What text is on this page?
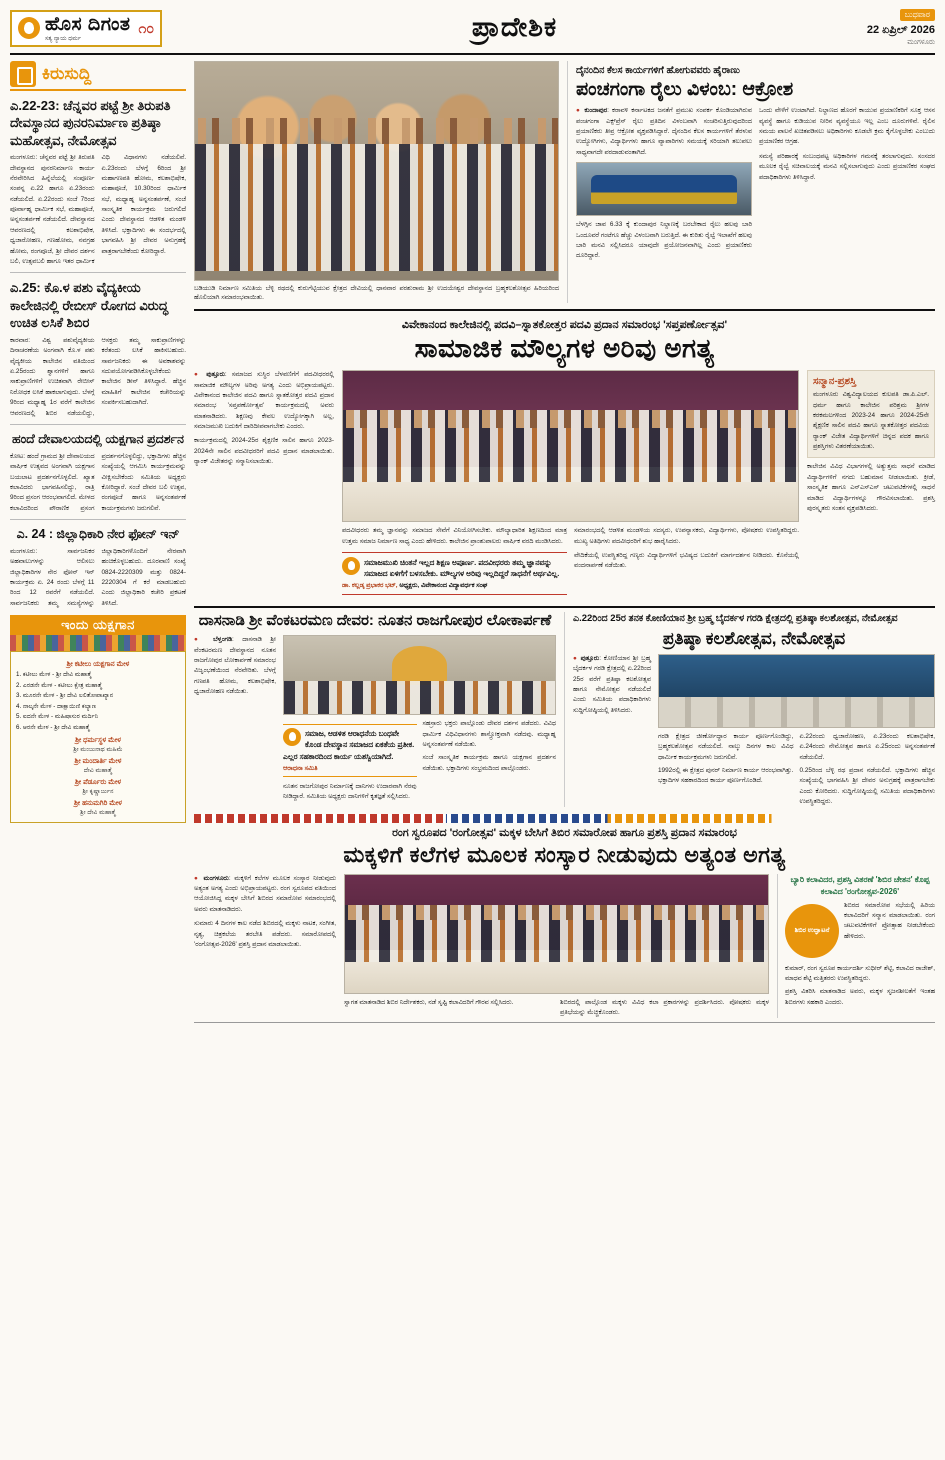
ಹೊಸ ದಿಗಂತ
ಸತ್ಯ ನ್ಯಾಯ ಧರ್ಮ
೧೦	ಪ್ರಾದೇಶಿಕ	ಬುಧವಾರ
22 ಏಪ್ರಿಲ್ 2026
ಮಂಗಳೂರು
ಕಿರುಸುದ್ದಿ
ಎ.22-23: ಚೆನ್ನವರ ಪಟ್ಟೆ ಶ್ರೀ ತಿರುಪತಿ ದೇವಸ್ಥಾನದ ಪುನರನಿರ್ಮಾಣ ಪ್ರತಿಷ್ಠಾ ಮಹೋತ್ಸವ, ನೇಮೋತ್ಸವ
ಮಂಗಳೂರು: ಚೆನ್ನವರ ಪಟ್ಟೆ ಶ್ರೀ ತಿರುಪತಿ ದೇವಸ್ಥಾನದ ಪುನರನಿರ್ಮಾಣ ಕಾರ್ಯ ನೆರವೇರಿಸಿದ ಹಿನ್ನೆಲೆಯಲ್ಲಿ ಸಂಪೂರ್ಣ ಸಂಪನ್ನ ಏ.22 ಹಾಗೂ ಏ.23ರಂದು ನಡೆಯಲಿದೆ. ಏ.22ರಂದು ಸಂಜೆ 7ರಿಂದ ಪೂರ್ವಾಹ್ನ ಧಾರ್ಮಿಕ ಸಭೆ, ಮಹಾಪೂಜೆ, ಅನ್ನಸಂತರ್ಪಣೆ ನಡೆಯಲಿದೆ. ದೇವಸ್ಥಾನದ ಆವರಣದಲ್ಲಿ ಕಲಶಾಭಿಷೇಕ, ಧ್ವಜಾರೋಹಣ, ಗಣಹೋಮ, ನವಗ್ರಹ ಹೋಮ, ರಂಗಪೂಜೆ, ಶ್ರೀ ದೇವರ ದರ್ಶನ ಬಲಿ, ಉತ್ಸವಬಲಿ ಹಾಗೂ ಇತರ ಧಾರ್ಮಿಕ ವಿಧಿ ವಿಧಾನಗಳು ನಡೆಯಲಿವೆ. ಏ.23ರಂದು ಬೆಳಗ್ಗೆ 6ರಿಂದ ಶ್ರೀ ಮಹಾಗಣಪತಿ ಹೋಮ, ಕಲಶಾಭಿಷೇಕ, ಮಹಾಪೂಜೆ, 10.30ರಿಂದ ಧಾರ್ಮಿಕ ಸಭೆ, ಮಧ್ಯಾಹ್ನ ಅನ್ನಸಂತರ್ಪಣೆ, ಸಂಜೆ ಸಾಂಸ್ಕೃತಿಕ ಕಾರ್ಯಕ್ರಮ ಜರುಗಲಿದೆ ಎಂದು ದೇವಸ್ಥಾನದ ಆಡಳಿತ ಮಂಡಳಿ ತಿಳಿಸಿದೆ. ಭಕ್ತಾದಿಗಳು ಈ ಸಂದರ್ಭದಲ್ಲಿ ಭಾಗವಹಿಸಿ ಶ್ರೀ ದೇವರ ಅನುಗ್ರಹಕ್ಕೆ ಪಾತ್ರರಾಗಬೇಕೆಂದು ಕೋರಿದ್ದಾರೆ.
ಎ.25: ಕೊ.ಳ ಪಶು ವೈದ್ಯಕೀಯ ಕಾಲೇಜಿನಲ್ಲಿ ರೇಬೀಸ್ ರೋಗದ ವಿರುದ್ಧ ಉಚಿತ ಲಸಿಕೆ ಶಿಬಿರ
ಕಾರವಾರ: ವಿಶ್ವ ಪಶುವೈದ್ಯಕೀಯ ದಿನಾಚರಣೆಯ ಅಂಗವಾಗಿ ಕೊ.ಳ ಪಶು ವೈದ್ಯಕೀಯ ಕಾಲೇಜಿನ ವತಿಯಿಂದ ಏ.25ರಂದು ಶ್ವಾನಗಳಿಗೆ ಹಾಗೂ ಸಾಕುಪ್ರಾಣಿಗಳಿಗೆ ಉಚಿತವಾಗಿ ರೇಬೀಸ್ ನಿರೋಧಕ ಲಸಿಕೆ ಹಾಕಲಾಗುವುದು. ಬೆಳಗ್ಗೆ 9ರಿಂದ ಮಧ್ಯಾಹ್ನ 1ರ ವರೆಗೆ ಕಾಲೇಜಿನ ಆವರಣದಲ್ಲಿ ಶಿಬಿರ ನಡೆಯಲಿದ್ದು, ಆಸಕ್ತರು ತಮ್ಮ ಸಾಕುಪ್ರಾಣಿಗಳನ್ನು ಕರೆತಂದು ಲಸಿಕೆ ಹಾಕಿಸಬಹುದು. ಸಾರ್ವಜನಿಕರು ಈ ಅವಕಾಶವನ್ನು ಸದುಪಯೋಗಪಡಿಸಿಕೊಳ್ಳಬೇಕೆಂದು ಕಾಲೇಜಿನ ಡೀನ್ ತಿಳಿಸಿದ್ದಾರೆ. ಹೆಚ್ಚಿನ ಮಾಹಿತಿಗೆ ಕಾಲೇಜಿನ ಕಚೇರಿಯನ್ನು ಸಂಪರ್ಕಿಸಬಹುದಾಗಿದೆ.
ಹಂದೆ ದೇವಾಲಯದಲ್ಲಿ ಯಕ್ಷಗಾನ ಪ್ರದರ್ಶನ
ಕೋಟ: ಹಂದೆ ಗ್ರಾಮದ ಶ್ರೀ ದೇವಾಲಯದ ವಾರ್ಷಿಕ ಉತ್ಸವದ ಅಂಗವಾಗಿ ಯಕ್ಷಗಾನ ಬಯಲಾಟ ಪ್ರದರ್ಶನಗೊಳ್ಳಲಿದೆ. ಖ್ಯಾತ ಕಲಾವಿದರು ಭಾಗವಹಿಸಲಿದ್ದು, ರಾತ್ರಿ 9ರಿಂದ ಪ್ರಸಂಗ ಆರಂಭವಾಗಲಿದೆ. ಮೇಳದ ಕಲಾವಿದರಿಂದ ಪೌರಾಣಿಕ ಪ್ರಸಂಗ ಪ್ರದರ್ಶನಗೊಳ್ಳಲಿದ್ದು, ಭಕ್ತಾದಿಗಳು ಹೆಚ್ಚಿನ ಸಂಖ್ಯೆಯಲ್ಲಿ ಆಗಮಿಸಿ ಕಾರ್ಯಕ್ರಮವನ್ನು ವೀಕ್ಷಿಸಬೇಕೆಂದು ಸಮಿತಿಯ ಅಧ್ಯಕ್ಷರು ಕೋರಿದ್ದಾರೆ. ಸಂಜೆ ದೇವರ ಬಲಿ ಉತ್ಸವ, ರಂಗಪೂಜೆ ಹಾಗೂ ಅನ್ನಸಂತರ್ಪಣೆ ಕಾರ್ಯಕ್ರಮಗಳು ಜರುಗಲಿವೆ.
ಎ. 24 : ಜಿಲ್ಲಾಧಿಕಾರಿ ನೇರ ಫೋನ್ ಇನ್
ಮಂಗಳೂರು: ಸಾರ್ವಜನಿಕರ ಅಹವಾಲುಗಳನ್ನು ಆಲಿಸಲು ಜಿಲ್ಲಾಧಿಕಾರಿಗಳ ನೇರ ಫೋನ್ ಇನ್ ಕಾರ್ಯಕ್ರಮ ಏ. 24 ರಂದು ಬೆಳಗ್ಗೆ 11 ರಿಂದ 12 ರವರೆಗೆ ನಡೆಯಲಿದೆ. ಸಾರ್ವಜನಿಕರು ತಮ್ಮ ಸಮಸ್ಯೆಗಳನ್ನು ಜಿಲ್ಲಾಧಿಕಾರಿಗಳೊಂದಿಗೆ ನೇರವಾಗಿ ಹಂಚಿಕೊಳ್ಳಬಹುದು. ದೂರವಾಣಿ ಸಂಖ್ಯೆ 0824-2220309 ಮತ್ತು 0824-2220304 ಗೆ ಕರೆ ಮಾಡಬಹುದು ಎಂದು ಜಿಲ್ಲಾಧಿಕಾರಿ ಕಚೇರಿ ಪ್ರಕಟಣೆ ತಿಳಿಸಿದೆ.
ಇಂದು ಯಕ್ಷಗಾನ
ಶ್ರೀ ಕಟೀಲು ಯಕ್ಷಗಾನ ಮೇಳ
1. ಕಟೀಲು ಮೇಳ - ಶ್ರೀ ದೇವಿ ಮಹಾತ್ಮೆ
2. ಎರಡನೇ ಮೇಳ - ಕಟೀಲು ಕ್ಷೇತ್ರ ಮಹಾತ್ಮೆ
3. ಮೂರನೇ ಮೇಳ - ಶ್ರೀ ದೇವಿ ಲಲಿತೋಪಾಖ್ಯಾನ
4. ನಾಲ್ಕನೇ ಮೇಳ - ದಾಕ್ಷಾಯಿಣಿ ಕಲ್ಯಾಣ
5. ಐದನೇ ಮೇಳ - ಮಹಿಷಾಸುರ ಮರ್ದಿನಿ
6. ಆರನೇ ಮೇಳ - ಶ್ರೀ ದೇವಿ ಮಹಾತ್ಮೆ
ಶ್ರೀ ಧರ್ಮಸ್ಥಳ ಮೇಳ
ಶ್ರೀ ಮಂಜುನಾಥ ಮಹಿಮೆ
ಶ್ರೀ ಮಂದಾರ್ತಿ ಮೇಳ
ದೇವಿ ಮಹಾತ್ಮೆ
ಶ್ರೀ ಪೆರ್ಡೂರು ಮೇಳ
ಶ್ರೀ ಕೃಷ್ಣಾರ್ಜುನ
ಶ್ರೀ ಹನುಮಗಿರಿ ಮೇಳ
ಶ್ರೀ ದೇವಿ ಮಹಾತ್ಮೆ
ಬಡಿಯುಡಿ ನಿರ್ಮಾಣ ಸಮಿತಿಯ ಬೆಳ್ಳಿ ರಥದಲ್ಲಿ ಕುರುಗೆಟ್ಟಿಯುವ ಕ್ಷೇತ್ರದ ದೇವಿಯಲ್ಲಿ ಧಾನವಾರ ಪರಶುರಾಮ ಶ್ರೀ ಉದಯೇಶ್ವರ ದೇವಸ್ಥಾನದ ಬ್ರಹ್ಮಕಲಶೋತ್ಸವ ಹಿರಿಯರಿಂದ ಹೊಲಿಯಾಗಿ ಸಮಾರಂಭವಾಯಿತು.
ದೈನಂದಿನ ಕೆಲಸ ಕಾರ್ಯಗಳಿಗೆ ಹೋಗುವವರು ಹೈರಾಣು
ಪಂಚಗಂಗಾ ರೈಲು ವಿಳಂಬ: ಆಕ್ರೋಶ
● ಕುಂದಾಪುರ: ಕರಾವಳಿ ಕರ್ನಾಟಕದ ಜನತೆಗೆ ಪ್ರಮುಖ ಸಂಪರ್ಕ ಕೊಂಡಿಯಾಗಿರುವ ಪಂಚಗಂಗಾ ಎಕ್ಸ್‌ಪ್ರೆಸ್ ರೈಲು ಪ್ರತಿದಿನ ವಿಳಂಬವಾಗಿ ಸಂಚರಿಸುತ್ತಿರುವುದರಿಂದ ಪ್ರಯಾಣಿಕರು ತೀವ್ರ ಆಕ್ರೋಶ ವ್ಯಕ್ತಪಡಿಸಿದ್ದಾರೆ. ದೈನಂದಿನ ಕೆಲಸ ಕಾರ್ಯಗಳಿಗೆ ತೆರಳುವ ಉದ್ಯೋಗಿಗಳು, ವಿದ್ಯಾರ್ಥಿಗಳು ಹಾಗೂ ವ್ಯಾಪಾರಿಗಳು ಸಮಯಕ್ಕೆ ಸರಿಯಾಗಿ ತಲುಪಲು ಸಾಧ್ಯವಾಗದೇ ಪರದಾಡುವಂತಾಗಿದೆ.
ಬೆಳಗ್ಗಿನ ಜಾವ 6.33 ಕ್ಕೆ ಕುಂದಾಪುರ ನಿಲ್ದಾಣಕ್ಕೆ ಬರಬೇಕಾದ ರೈಲು ಹಲವು ಬಾರಿ ಒಂದೂವರೆ ಗಂಟೆಗೂ ಹೆಚ್ಚು ವಿಳಂಬವಾಗಿ ಬರುತ್ತಿದೆ. ಈ ಕುರಿತು ರೈಲ್ವೆ ಇಲಾಖೆಗೆ ಹಲವು ಬಾರಿ ಮನವಿ ಸಲ್ಲಿಸಿದರೂ ಯಾವುದೇ ಪ್ರಯೋಜನವಾಗಿಲ್ಲ ಎಂದು ಪ್ರಯಾಣಿಕರು ದೂರಿದ್ದಾರೆ.
ಒಂದು ವೇಳೆಗೆ ಉಂಟಾಗಿದೆ. ನಿಲ್ದಾಣದ ಹೊರಗೆ ಕಾಯುವ ಪ್ರಯಾಣಿಕರಿಗೆ ಸೂಕ್ತ ಆಸನ ವ್ಯವಸ್ಥೆ ಹಾಗೂ ಕುಡಿಯುವ ನೀರಿನ ವ್ಯವಸ್ಥೆಯೂ ಇಲ್ಲ ಎಂಬ ದೂರುಗಳಿವೆ. ರೈಲಿನ ಸಮಯ ಪಾಲನೆ ಖಚಿತಪಡಿಸಲು ಅಧಿಕಾರಿಗಳು ಕೂಡಲೇ ಕ್ರಮ ಕೈಗೊಳ್ಳಬೇಕು ಎಂಬುದು ಪ್ರಯಾಣಿಕರ ಆಗ್ರಹ.
ಸಮಸ್ಯೆ ಪರಿಹಾರಕ್ಕೆ ಸಂಬಂಧಪಟ್ಟ ಅಧಿಕಾರಿಗಳ ಗಮನಕ್ಕೆ ತರಲಾಗುವುದು. ಸಂಸದರ ಮೂಲಕ ರೈಲ್ವೆ ಸಚಿವಾಲಯಕ್ಕೆ ಮನವಿ ಸಲ್ಲಿಸಲಾಗುವುದು ಎಂದು ಪ್ರಯಾಣಿಕರ ಸಂಘದ ಪದಾಧಿಕಾರಿಗಳು ತಿಳಿಸಿದ್ದಾರೆ.
ವಿವೇಕಾನಂದ ಕಾಲೇಜಿನಲ್ಲಿ ಪದವಿ–ಸ್ನಾತಕೋತ್ತರ ಪದವಿ ಪ್ರದಾನ ಸಮಾರಂಭ 'ಸಪ್ತಪರ್ಣೋತ್ಸವ'
ಸಾಮಾಜಿಕ ಮೌಲ್ಯಗಳ ಅರಿವು ಅಗತ್ಯ
● ಪುತ್ತೂರು: ಸಮಾಜದ ಸುಸ್ಥಿರ ಬೆಳವಣಿಗೆಗೆ ಪದವೀಧರರಲ್ಲಿ ಸಾಮಾಜಿಕ ಮೌಲ್ಯಗಳ ಅರಿವು ಅಗತ್ಯ ಎಂದು ಅಭಿಪ್ರಾಯಪಟ್ಟರು. ವಿವೇಕಾನಂದ ಕಾಲೇಜಿನ ಪದವಿ ಹಾಗೂ ಸ್ನಾತಕೋತ್ತರ ಪದವಿ ಪ್ರದಾನ ಸಮಾರಂಭ 'ಸಪ್ತಪರ್ಣೋತ್ಸವ' ಕಾರ್ಯಕ್ರಮದಲ್ಲಿ ಅವರು ಮಾತನಾಡಿದರು. ಶಿಕ್ಷಣವು ಕೇವಲ ಉದ್ಯೋಗಕ್ಕಾಗಿ ಅಲ್ಲ, ಸಮಾಜಮುಖಿ ಬದುಕಿಗೆ ದಾರಿದೀಪವಾಗಬೇಕು ಎಂದರು.
ಕಾರ್ಯಕ್ರಮದಲ್ಲಿ 2024-25ರ ಶೈಕ್ಷಣಿಕ ಸಾಲಿನ ಹಾಗೂ 2023-2024ನೇ ಸಾಲಿನ ಪದವೀಧರರಿಗೆ ಪದವಿ ಪ್ರದಾನ ಮಾಡಲಾಯಿತು. ರ‍್ಯಾಂಕ್ ವಿಜೇತರನ್ನು ಸನ್ಮಾನಿಸಲಾಯಿತು.
ಪದವೀಧರರು ತಮ್ಮ ಜ್ಞಾನವನ್ನು ಸಮಾಜದ ಸೇವೆಗೆ ವಿನಿಯೋಗಿಸಬೇಕು. ಮೌಲ್ಯಾಧಾರಿತ ಶಿಕ್ಷಣದಿಂದ ಮಾತ್ರ ಉತ್ತಮ ಸಮಾಜ ನಿರ್ಮಾಣ ಸಾಧ್ಯ ಎಂದು ಹೇಳಿದರು. ಕಾಲೇಜಿನ ಪ್ರಾಂಶುಪಾಲರು ವಾರ್ಷಿಕ ವರದಿ ಮಂಡಿಸಿದರು.
ಸಮಾಜಮುಖಿ ಚಿಂತನೆ ಇಲ್ಲದ ಶಿಕ್ಷಣ ಅಪೂರ್ಣ. ಪದವೀಧರರು ತಮ್ಮ ಜ್ಞಾನವನ್ನು ಸಮಾಜದ ಏಳಿಗೆಗೆ ಬಳಸಬೇಕು. ಮೌಲ್ಯಗಳ ಅರಿವು ಇಲ್ಲದಿದ್ದರೆ ಸಾಧನೆಗೆ ಅರ್ಥವಿಲ್ಲ.
ಡಾ. ಕಲ್ಲಡ್ಕ ಪ್ರಭಾಕರ ಭಟ್, ಅಧ್ಯಕ್ಷರು, ವಿವೇಕಾನಂದ ವಿದ್ಯಾವರ್ಧಕ ಸಂಘ
ಸಮಾರಂಭದಲ್ಲಿ ಆಡಳಿತ ಮಂಡಳಿಯ ಸದಸ್ಯರು, ಉಪನ್ಯಾಸಕರು, ವಿದ್ಯಾರ್ಥಿಗಳು, ಪೋಷಕರು ಉಪಸ್ಥಿತರಿದ್ದರು. ಮುಖ್ಯ ಅತಿಥಿಗಳು ಪದವೀಧರರಿಗೆ ಶುಭ ಹಾರೈಸಿದರು.
ವೇದಿಕೆಯಲ್ಲಿ ಉಪಸ್ಥಿತರಿದ್ದ ಗಣ್ಯರು ವಿದ್ಯಾರ್ಥಿಗಳಿಗೆ ಭವಿಷ್ಯದ ಬದುಕಿಗೆ ಮಾರ್ಗದರ್ಶನ ನೀಡಿದರು. ಕೊನೆಯಲ್ಲಿ ವಂದನಾರ್ಪಣೆ ನಡೆಯಿತು.
ಸನ್ಮಾನ-ಪ್ರಶಸ್ತಿ
ಮಂಗಳೂರು ವಿಶ್ವವಿದ್ಯಾಲಯದ ಕುಲಪತಿ ಡಾ.ಪಿ.ಎಲ್. ಧರ್ಮ ಹಾಗೂ ಕಾಲೇಜಿನ ಪರಿಶ್ರಮ ಶ್ರೀಗಳ ಕರಕಮಲಗಳಿಂದ 2023-24 ಹಾಗೂ 2024-25ನೇ ಶೈಕ್ಷಣಿಕ ಸಾಲಿನ ಪದವಿ ಹಾಗೂ ಸ್ನಾತಕೋತ್ತರ ಪದವಿಯ ರ‍್ಯಾಂಕ್ ವಿಜೇತ ವಿದ್ಯಾರ್ಥಿಗಳಿಗೆ ಚಿನ್ನದ ಪದಕ ಹಾಗೂ ಪ್ರಶಸ್ತಿಗಳು ವಿತರಣೆಯಾಯಿತು.
ಕಾಲೇಜಿನ ವಿವಿಧ ವಿಭಾಗಗಳಲ್ಲಿ ಅತ್ಯುತ್ತಮ ಸಾಧನೆ ಮಾಡಿದ ವಿದ್ಯಾರ್ಥಿಗಳಿಗೆ ನಗದು ಬಹುಮಾನ ನೀಡಲಾಯಿತು. ಕ್ರೀಡೆ, ಸಾಂಸ್ಕೃತಿಕ ಹಾಗೂ ಎನ್‌ಎಸ್‌ಎಸ್ ಚಟುವಟಿಕೆಗಳಲ್ಲಿ ಸಾಧನೆ ಮಾಡಿದ ವಿದ್ಯಾರ್ಥಿಗಳನ್ನೂ ಗೌರವಿಸಲಾಯಿತು. ಪ್ರಶಸ್ತಿ ಪುರಸ್ಕೃತರು ಸಂತಸ ವ್ಯಕ್ತಪಡಿಸಿದರು.
ದಾಸನಾಡಿ ಶ್ರೀ ವೆಂಕಟರಮಣ ದೇವರ: ನೂತನ ರಾಜಗೋಪುರ ಲೋಕಾರ್ಪಣೆ
● ಬೆಳ್ತಂಗಡಿ: ದಾಸನಾಡಿ ಶ್ರೀ ವೆಂಕಟರಮಣ ದೇವಸ್ಥಾನದ ನೂತನ ರಾಜಗೋಪುರ ಲೋಕಾರ್ಪಣೆ ಸಮಾರಂಭ ವಿಜೃಂಭಣೆಯಿಂದ ನೆರವೇರಿತು. ಬೆಳಗ್ಗೆ ಗಣಪತಿ ಹೋಮ, ಕಲಶಾಭಿಷೇಕ, ಧ್ವಜಾರೋಹಣ ನಡೆಯಿತು.
ಸಮಾಜ, ಆಡಳಿತ ಆರಾಧನೆಯ ಬಂಧವೇ ಕೊಂಡ ದೇವಸ್ಥಾನ ಸಮಾಜದ ಏಕತೆಯ ಪ್ರತೀಕ. ಎಲ್ಲರ ಸಹಕಾರದಿಂದ ಕಾರ್ಯ ಯಶಸ್ವಿಯಾಗಿದೆ.
ಆರಾಧನಾ ಸಮಿತಿ
ನೂತನ ರಾಜಗೋಪುರ ನಿರ್ಮಾಣಕ್ಕೆ ದಾನಿಗಳು ಉದಾರವಾಗಿ ನೆರವು ನೀಡಿದ್ದಾರೆ. ಸಮಿತಿಯ ಅಧ್ಯಕ್ಷರು ದಾನಿಗಳಿಗೆ ಕೃತಜ್ಞತೆ ಸಲ್ಲಿಸಿದರು.
ಸಹಸ್ರಾರು ಭಕ್ತರು ಪಾಲ್ಗೊಂಡು ದೇವರ ದರ್ಶನ ಪಡೆದರು. ವಿವಿಧ ಧಾರ್ಮಿಕ ವಿಧಿವಿಧಾನಗಳು ಶಾಸ್ತ್ರೋಕ್ತವಾಗಿ ನಡೆದವು. ಮಧ್ಯಾಹ್ನ ಅನ್ನಸಂತರ್ಪಣೆ ನಡೆಯಿತು.
ಸಂಜೆ ಸಾಂಸ್ಕೃತಿಕ ಕಾರ್ಯಕ್ರಮ ಹಾಗೂ ಯಕ್ಷಗಾನ ಪ್ರದರ್ಶನ ನಡೆಯಿತು. ಭಕ್ತಾದಿಗಳು ಸಂಭ್ರಮದಿಂದ ಪಾಲ್ಗೊಂಡರು.
ಎ.22ರಿಂದ 25ರ ತನಕ ಕೋಣಿಯಾನ ಶ್ರೀ ಬ್ರಹ್ಮ ಬೈದರ್ಕಳ ಗರಡಿ ಕ್ಷೇತ್ರದಲ್ಲಿ ಪ್ರತಿಷ್ಠಾ ಕಲಶೋತ್ಸವ, ನೇಮೋತ್ಸವ
ಪ್ರತಿಷ್ಠಾ ಕಲಶೋತ್ಸವ, ನೇಮೋತ್ಸವ
● ಪುತ್ತೂರು: ಕೋಣಿಯಾನ ಶ್ರೀ ಬ್ರಹ್ಮ ಬೈದರ್ಕಳ ಗರಡಿ ಕ್ಷೇತ್ರದಲ್ಲಿ ಏ.22ರಿಂದ 25ರ ವರೆಗೆ ಪ್ರತಿಷ್ಠಾ ಕಲಶೋತ್ಸವ ಹಾಗೂ ನೇಮೋತ್ಸವ ನಡೆಯಲಿದೆ ಎಂದು ಸಮಿತಿಯ ಪದಾಧಿಕಾರಿಗಳು ಸುದ್ದಿಗೋಷ್ಠಿಯಲ್ಲಿ ತಿಳಿಸಿದರು.
ಗರಡಿ ಕ್ಷೇತ್ರದ ಜೀರ್ಣೋದ್ಧಾರ ಕಾರ್ಯ ಪೂರ್ಣಗೊಂಡಿದ್ದು, ಬ್ರಹ್ಮಕಲಶೋತ್ಸವ ನಡೆಯಲಿದೆ. ನಾಲ್ಕು ದಿನಗಳ ಕಾಲ ವಿವಿಧ ಧಾರ್ಮಿಕ ಕಾರ್ಯಕ್ರಮಗಳು ಜರುಗಲಿವೆ.
1992ರಲ್ಲಿ ಈ ಕ್ಷೇತ್ರದ ಪುನರ್ ನಿರ್ಮಾಣ ಕಾರ್ಯ ಆರಂಭವಾಗಿತ್ತು. ಭಕ್ತಾದಿಗಳ ಸಹಕಾರದಿಂದ ಕಾರ್ಯ ಪೂರ್ಣಗೊಂಡಿದೆ.
ಏ.22ರಂದು ಧ್ವಜಾರೋಹಣ, ಏ.23ರಂದು ಕಲಶಾಭಿಷೇಕ, ಏ.24ರಂದು ನೇಮೋತ್ಸವ ಹಾಗೂ ಏ.25ರಂದು ಅನ್ನಸಂತರ್ಪಣೆ ನಡೆಯಲಿದೆ.
0.25ರಿಂದ ಬೆಳ್ಳಿ ರಥ ಪ್ರದಾನ ನಡೆಯಲಿದೆ. ಭಕ್ತಾದಿಗಳು ಹೆಚ್ಚಿನ ಸಂಖ್ಯೆಯಲ್ಲಿ ಭಾಗವಹಿಸಿ ಶ್ರೀ ದೇವರ ಅನುಗ್ರಹಕ್ಕೆ ಪಾತ್ರರಾಗಬೇಕು ಎಂದು ಕೋರಿದರು. ಸುದ್ದಿಗೋಷ್ಠಿಯಲ್ಲಿ ಸಮಿತಿಯ ಪದಾಧಿಕಾರಿಗಳು ಉಪಸ್ಥಿತರಿದ್ದರು.
ರಂಗ ಸ್ವರೂಪದ 'ರಂಗೋತ್ಸವ' ಮಕ್ಕಳ ಬೇಸಿಗೆ ತಿಬಿರ ಸಮಾರೋಪ ಹಾಗೂ ಪ್ರಶಸ್ತಿ ಪ್ರದಾನ ಸಮಾರಂಭ
ಮಕ್ಕಳಿಗೆ ಕಲೆಗಳ ಮೂಲಕ ಸಂಸ್ಕಾರ ನೀಡುವುದು ಅತ್ಯಂತ ಅಗತ್ಯ
● ಮಂಗಳೂರು: ಮಕ್ಕಳಿಗೆ ಕಲೆಗಳ ಮೂಲಕ ಸಂಸ್ಕಾರ ನೀಡುವುದು ಅತ್ಯಂತ ಅಗತ್ಯ ಎಂದು ಅಭಿಪ್ರಾಯಪಟ್ಟರು. ರಂಗ ಸ್ವರೂಪದ ವತಿಯಿಂದ ಆಯೋಜಿಸಿದ್ದ ಮಕ್ಕಳ ಬೇಸಿಗೆ ಶಿಬಿರದ ಸಮಾರೋಪ ಸಮಾರಂಭದಲ್ಲಿ ಅವರು ಮಾತನಾಡಿದರು.
ಸುಮಾರು 4 ದಿನಗಳ ಕಾಲ ನಡೆದ ಶಿಬಿರದಲ್ಲಿ ಮಕ್ಕಳು ನಾಟಕ, ಸಂಗೀತ, ನೃತ್ಯ, ಚಿತ್ರಕಲೆಯ ತರಬೇತಿ ಪಡೆದರು. ಸಮಾರೋಪದಲ್ಲಿ 'ರಂಗೋತ್ಸವ-2026' ಪ್ರಶಸ್ತಿ ಪ್ರದಾನ ಮಾಡಲಾಯಿತು.
ಸ್ವಾಗತ ಮಾತನಾಡಿದ ಶಿಬಿರ ನಿರ್ದೇಶಕರು, ನಡೆ ಸೃಷ್ಟಿ ಕಲಾವಿದರಿಗೆ ಗೌರವ ಸಲ್ಲಿಸಿದರು.	ಶಿಬಿರದಲ್ಲಿ ಪಾಲ್ಗೊಂಡ ಮಕ್ಕಳು ವಿವಿಧ ಕಲಾ ಪ್ರಕಾರಗಳನ್ನು ಪ್ರದರ್ಶಿಸಿದರು. ಪೋಷಕರು ಮಕ್ಕಳ ಪ್ರತಿಭೆಯನ್ನು ಮೆಚ್ಚಿಕೊಂಡರು.
ಬ್ಯಾರಿ ಕಲಾವಿದರ, ಪ್ರಶಸ್ತಿ ವಿತರಣೆ 'ಶಿಬಿರ ಚೇತನ' ಕೊಪ್ಪ ಕಲಾವಿದ 'ರಂಗೋತ್ಸವ-2026'
ಶಿಬಿರ ಉದ್ಘಾಟನೆ
ಶಿಬಿರದ ಸಮಾರೋಪ ಸಭೆಯಲ್ಲಿ ಹಿರಿಯ ಕಲಾವಿದರಿಗೆ ಸನ್ಮಾನ ಮಾಡಲಾಯಿತು. ರಂಗ ಚಟುವಟಿಕೆಗಳಿಗೆ ಪ್ರೋತ್ಸಾಹ ನೀಡಬೇಕೆಂದು ಹೇಳಿದರು.
ಕುಮಾರ್, ರಂಗ ಸ್ವರೂಪ ಕಾರ್ಯದರ್ಶಿ ಸುಧೀರ್ ಶೆಟ್ಟಿ, ಕಲಾವಿದ ರಾಜೇಶ್, ಮಾಧವ ಶೆಟ್ಟಿ ಮತ್ತಿತರರು ಉಪಸ್ಥಿತರಿದ್ದರು.
ಪ್ರಶಸ್ತಿ ವಿತರಿಸಿ ಮಾತನಾಡಿದ ಅವರು, ಮಕ್ಕಳ ಸೃಜನಶೀಲತೆಗೆ ಇಂತಹ ಶಿಬಿರಗಳು ಸಹಕಾರಿ ಎಂದರು.
